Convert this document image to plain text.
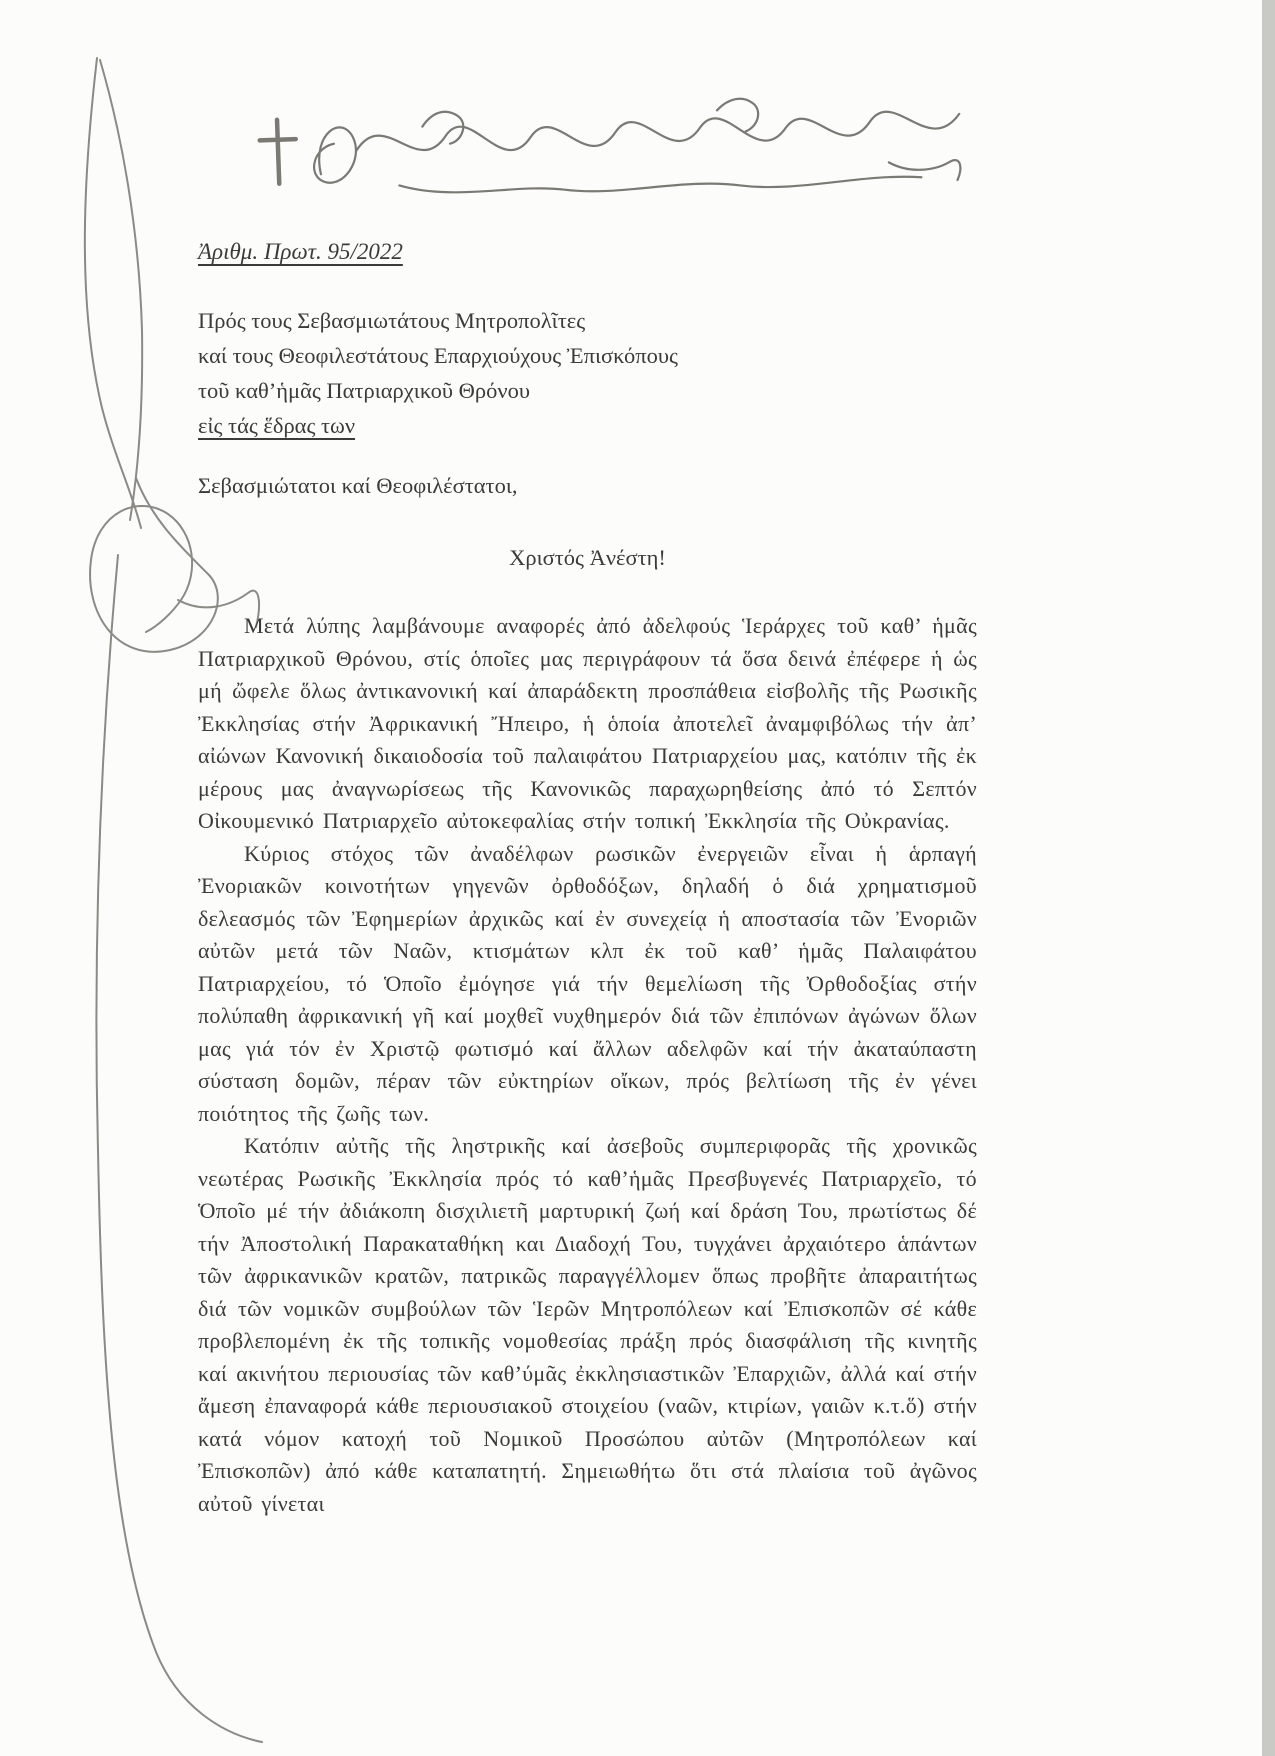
Ἀριθμ. Πρωτ. 95/2022
Πρός τους Σεβασμιωτάτους Μητροπολῖτες
καί τους Θεοφιλεστάτους Επαρχιούχους Ἐπισκόπους
τοῦ καθ’ἡμᾶς Πατριαρχικοῦ Θρόνου
εἰς τάς ἕδρας των
Σεβασμιώτατοι καί Θεοφιλέστατοι,
Χριστός Ἀνέστη!

Μετά λύπης λαμβάνουμε αναφορές ἀπό ἀδελφούς Ἱεράρχες τοῦ καθ’ ἡμᾶς Πατριαρχικοῦ Θρόνου, στίς ὁποῖες μας περιγράφουν τά ὅσα δεινά ἐπέφερε ἡ ὡς μή ὤφελε ὅλως ἀντικανονική καί ἀπαράδεκτη προσπάθεια εἰσβολῆς τῆς Ρωσικῆς Ἐκκλησίας στήν Ἀφρικανική Ἤπειρο, ἡ ὁποία ἀποτελεῖ ἀναμφιβόλως τήν ἀπ’ αἰώνων Κανονική δικαιοδοσία τοῦ παλαιφάτου Πατριαρχείου μας, κατόπιν τῆς ἐκ μέρους μας ἀναγνωρίσεως τῆς Κανονικῶς παραχωρηθείσης ἀπό τό Σεπτόν Οἰκουμενικό Πατριαρχεῖο αὐτοκεφαλίας στήν τοπική Ἐκκλησία τῆς Οὐκρανίας.

Κύριος στόχος τῶν ἀναδέλφων ρωσικῶν ἐνεργειῶν εἶναι ἡ ἁρπαγή Ἐνοριακῶν κοινοτήτων γηγενῶν ὀρθοδόξων, δηλαδή ὁ διά χρηματισμοῦ δελεασμός τῶν Ἐφημερίων ἀρχικῶς καί ἐν συνεχείᾳ ἡ αποστασία τῶν Ἐνοριῶν αὐτῶν μετά τῶν Ναῶν, κτισμάτων κλπ ἐκ τοῦ καθ’ ἡμᾶς Παλαιφάτου Πατριαρχείου, τό Ὁποῖο ἐμόγησε γιά τήν θεμελίωση τῆς Ὀρθοδοξίας στήν πολύπαθη ἀφρικανική γῆ καί μοχθεῖ νυχθημερόν διά τῶν ἐπιπόνων ἀγώνων ὅλων μας γιά τόν ἐν Χριστῷ φωτισμό καί ἄλλων αδελφῶν καί τήν ἀκαταύπαστη σύσταση δομῶν, πέραν τῶν εὐκτηρίων οἴκων, πρός βελτίωση τῆς ἐν γένει ποιότητος τῆς ζωῆς των.

Κατόπιν αὐτῆς τῆς ληστρικῆς καί ἀσεβοῦς συμπεριφορᾶς τῆς χρονικῶς νεωτέρας Ρωσικῆς Ἐκκλησία πρός τό καθ’ἡμᾶς Πρεσβυγενές Πατριαρχεῖο, τό Ὁποῖο μέ τήν ἀδιάκοπη δισχιλιετῆ μαρτυρική ζωή καί δράση Του, πρωτίστως δέ τήν Ἀποστολική Παρακαταθήκη και Διαδοχή Του, τυγχάνει ἀρχαιότερο ἁπάντων τῶν ἀφρικανικῶν κρατῶν, πατρικῶς παραγγέλλομεν ὅπως προβῆτε ἀπαραιτήτως διά τῶν νομικῶν συμβούλων τῶν Ἱερῶν Μητροπόλεων καί Ἐπισκοπῶν σέ κάθε προβλεπομένη ἐκ τῆς τοπικῆς νομοθεσίας πράξη πρός διασφάλιση τῆς κινητῆς καί ακινήτου περιουσίας τῶν καθ’ύμᾶς ἐκκλησιαστικῶν Ἐπαρχιῶν, ἀλλά καί στήν ἄμεση ἐπαναφορά κάθε περιουσιακοῦ στοιχείου (ναῶν, κτιρίων, γαιῶν κ.τ.ὅ) στήν κατά νόμον κατοχή τοῦ Νομικοῦ Προσώπου αὐτῶν (Μητροπόλεων καί Ἐπισκοπῶν) ἀπό κάθε καταπατητή. Σημειωθήτω ὅτι στά πλαίσια τοῦ ἀγῶνος αὐτοῦ γίνεται
